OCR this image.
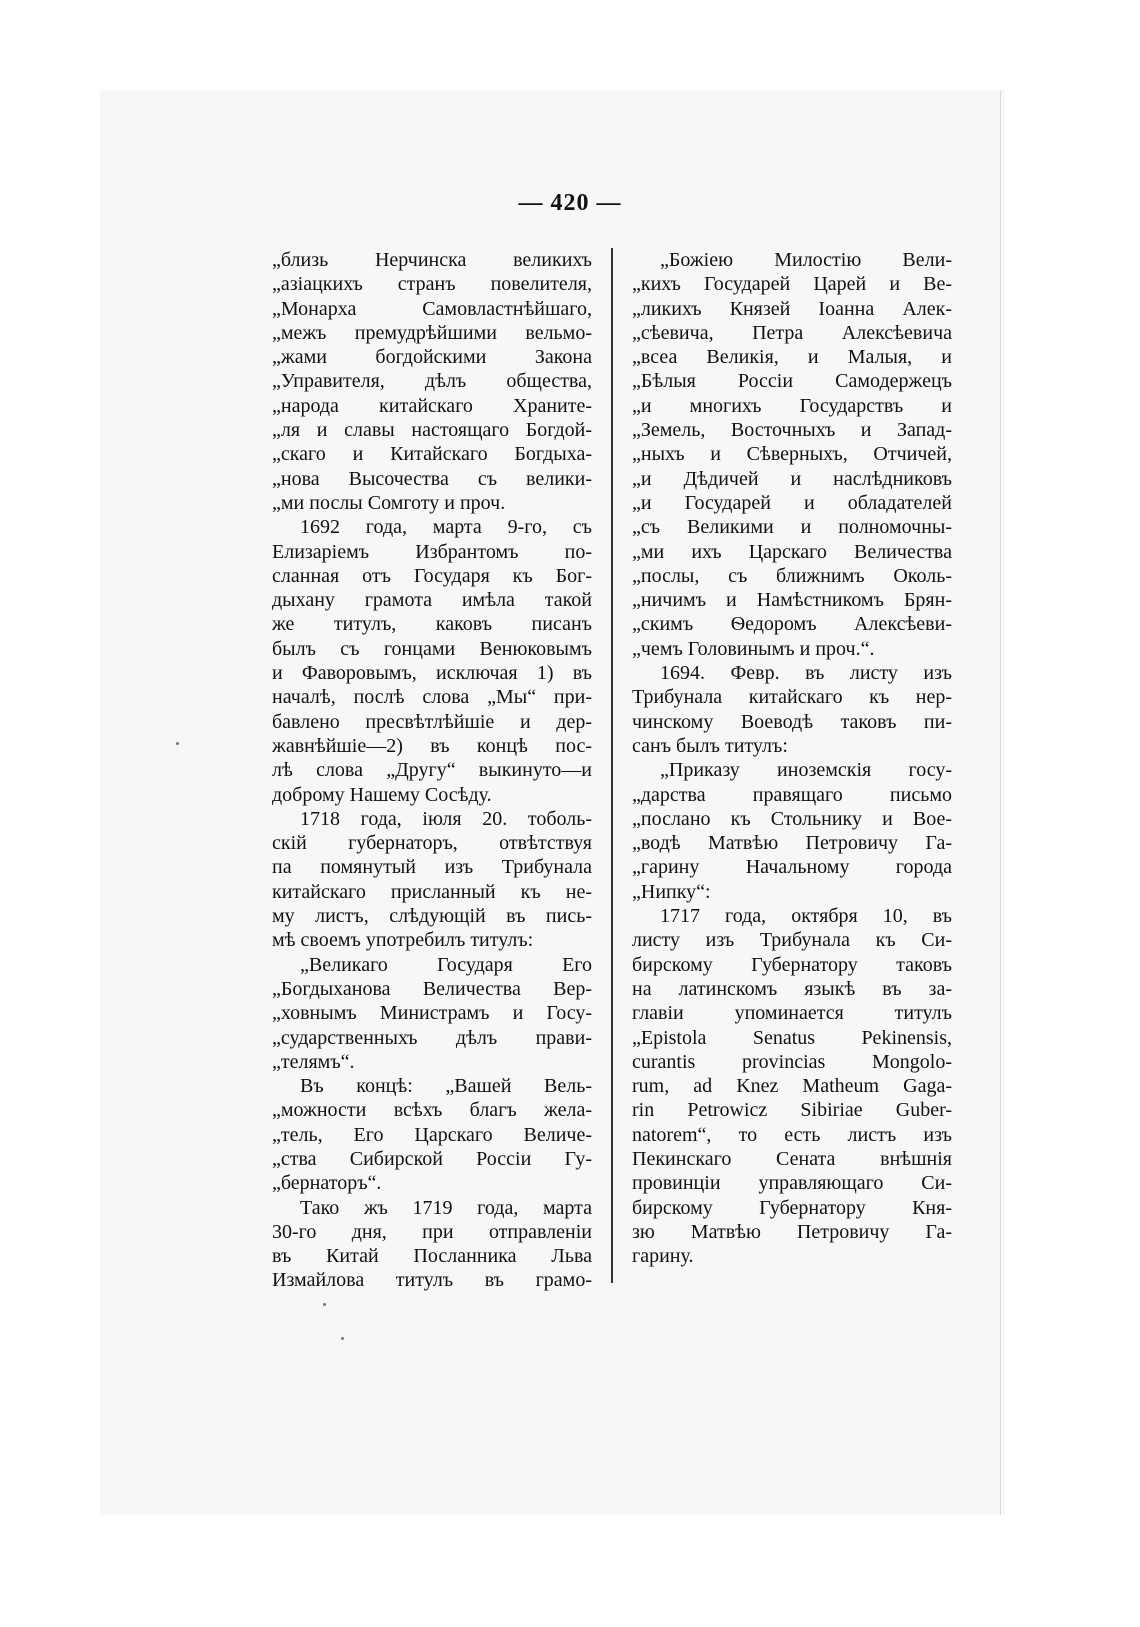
— 420 —
„близь Нерчинска великихъ
„азіацкихъ странъ повелителя,
„Монарха Самовластнѣйшаго,
„межъ премудрѣйшими вельмо-
„жами богдойскими Закона
„Управителя, дѣлъ общества,
„народа китайскаго Храните-
„ля и славы настоящаго Богдой-
„скаго и Китайскаго Богдыха-
„нова Высочества съ велики-
„ми послы Сомготу и проч.
1692 года, марта 9-го, съ
Елизаріемъ Избрантомъ по-
сланная отъ Государя къ Бог-
дыхану грамота имѣла такой
же титулъ, каковъ писанъ
былъ съ гонцами Венюковымъ
и Фаворовымъ, исключая 1) въ
началѣ, послѣ слова „Мы“ при-
бавлено пресвѣтлѣйшіе и дер-
жавнѣйшіе—2) въ концѣ пос-
лѣ слова „Другу“ выкинуто—и
доброму Нашему Сосѣду.
1718 года, іюля 20. тоболь-
скій губернаторъ, отвѣтствуя
па помянутый изъ Трибунала
китайскаго присланный къ не-
му листъ, слѣдующій въ пись-
мѣ своемъ употребилъ титулъ:
„Великаго Государя Его
„Богдыханова Величества Вер-
„ховнымъ Министрамъ и Госу-
„сударственныхъ дѣлъ прави-
„телямъ“.
Въ концѣ: „Вашей Вель-
„можности всѣхъ благъ жела-
„тель, Его Царскаго Величе-
„ства Сибирской Россіи Гу-
„бернаторъ“.
Тако жъ 1719 года, марта
30-го дня, при отправленіи
въ Китай Посланника Льва
Измайлова титулъ въ грамо-
„Божіею Милостію Вели-
„кихъ Государей Царей и Ве-
„ликихъ Князей Іоанна Алек-
„сѣевича, Петра Алексѣевича
„всеа Великія, и Малыя, и
„Бѣлыя Россіи Самодержецъ
„и многихъ Государствъ и
„Земель, Восточныхъ и Запад-
„ныхъ и Сѣверныхъ, Отчичей,
„и Дѣдичей и наслѣдниковъ
„и Государей и обладателей
„съ Великими и полномочны-
„ми ихъ Царскаго Величества
„послы, съ ближнимъ Околь-
„ничимъ и Намѣстникомъ Брян-
„скимъ Ѳедоромъ Алексѣеви-
„чемъ Головинымъ и проч.“.
1694. Февр. въ листу изъ
Трибунала китайскаго къ нер-
чинскому Воеводѣ таковъ пи-
санъ былъ титулъ:
„Приказу иноземскія госу-
„дарства правящаго письмо
„послано къ Стольнику и Вое-
„водѣ Матвѣю Петровичу Га-
„гарину Начальному города
„Нипку“:
1717 года, октября 10, въ
листу изъ Трибунала къ Си-
бирскому Губернатору таковъ
на латинскомъ языкѣ въ за-
главіи упоминается титулъ
„Epistola Senatus Pekinensis,
curantis provincias Mongolo-
rum, ad Knez Matheum Gaga-
rin Petrowicz Sibiriae Guber-
natorem“, то есть листъ изъ
Пекинскаго Сената внѣшнія
провинціи управляющаго Си-
бирскому Губернатору Кня-
зю Матвѣю Петровичу Га-
гарину.
